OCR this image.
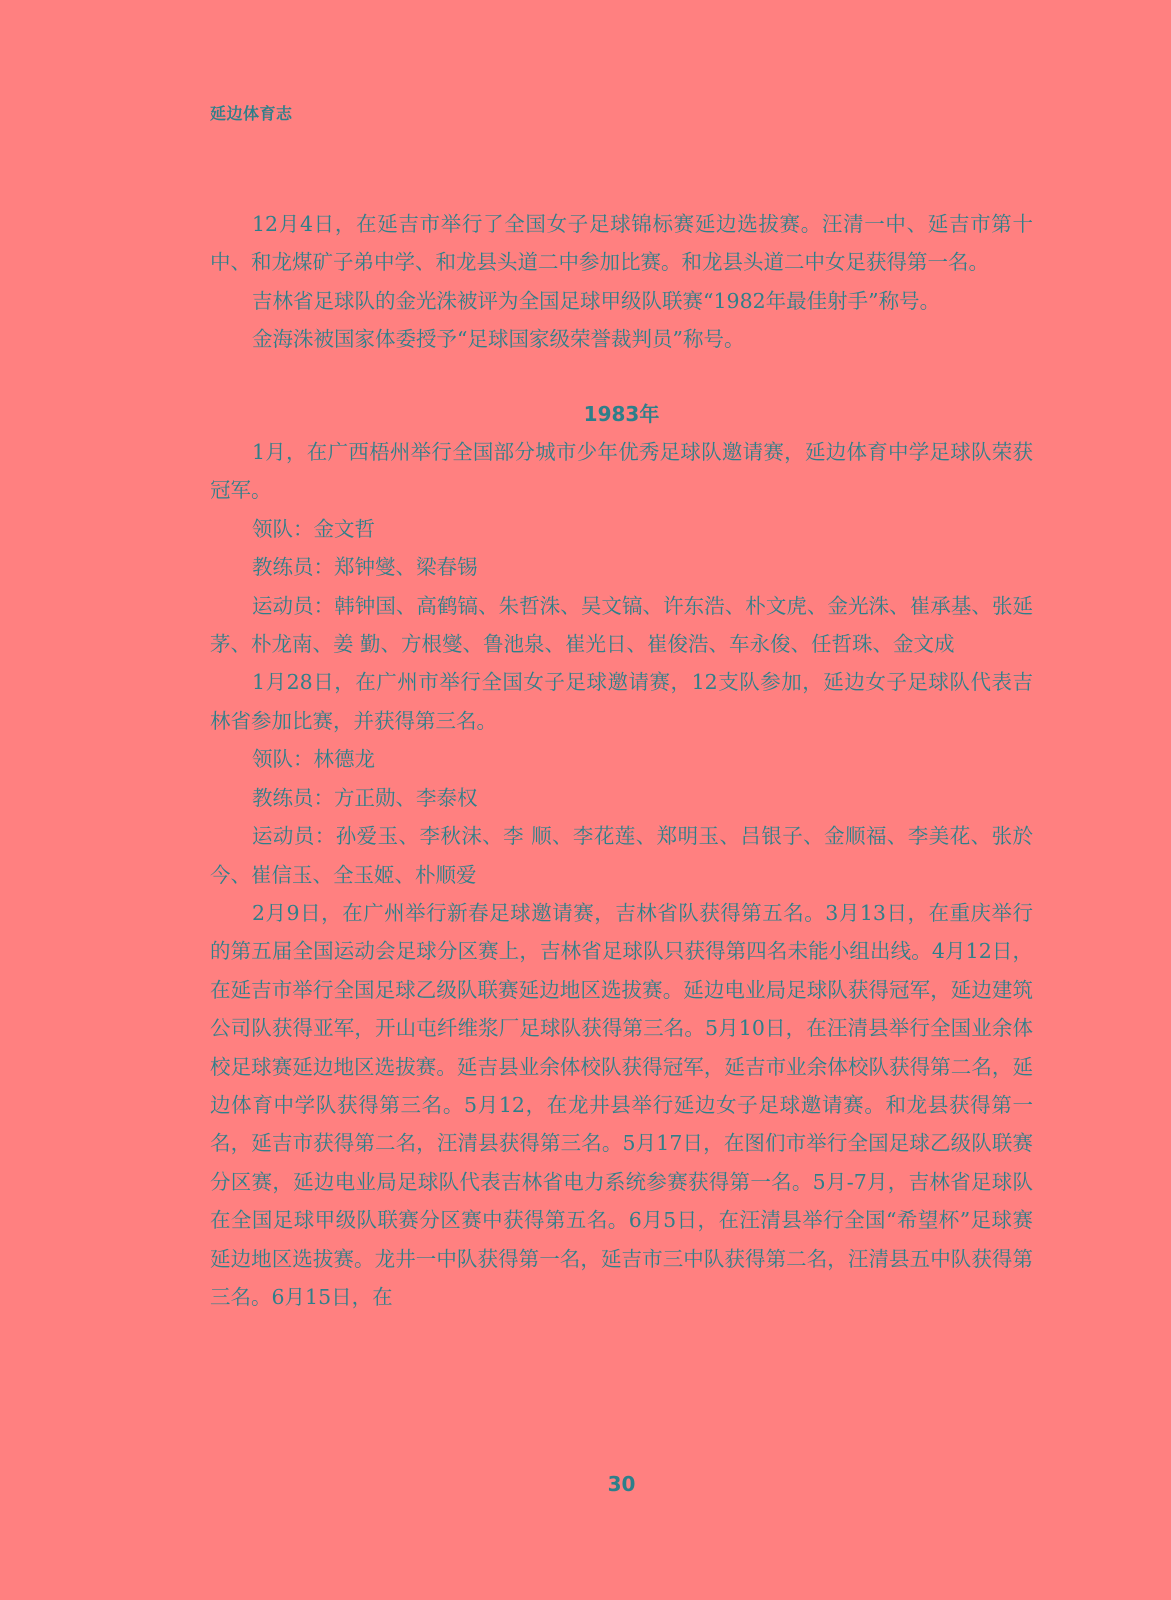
延边体育志

12月4日，在延吉市举行了全国女子足球锦标赛延边选拔赛。汪清一中、延吉市第十中、和龙煤矿子弟中学、和龙县头道二中参加比赛。和龙县头道二中女足获得第一名。

吉林省足球队的金光洙被评为全国足球甲级队联赛“1982年最佳射手”称号。

金海洙被国家体委授予“足球国家级荣誉裁判员”称号。

1983年

1月，在广西梧州举行全国部分城市少年优秀足球队邀请赛，延边体育中学足球队荣获冠军。

领队：金文哲

教练员：郑钟燮、梁春锡

运动员：韩钟国、高鹤镐、朱哲洙、吴文镐、许东浩、朴文虎、金光洙、崔承基、张延茅、朴龙南、姜 勤、方根燮、鲁池泉、崔光日、崔俊浩、车永俊、任哲珠、金文成

1月28日，在广州市举行全国女子足球邀请赛，12支队参加，延边女子足球队代表吉林省参加比赛，并获得第三名。

领队：林德龙

教练员：方正勋、李泰权

运动员：孙爱玉、李秋沫、李 顺、李花莲、郑明玉、吕银子、金顺福、李美花、张於今、崔信玉、全玉姬、朴顺爱

2月9日，在广州举行新春足球邀请赛，吉林省队获得第五名。3月13日，在重庆举行的第五届全国运动会足球分区赛上，吉林省足球队只获得第四名未能小组出线。4月12日，在延吉市举行全国足球乙级队联赛延边地区选拔赛。延边电业局足球队获得冠军，延边建筑公司队获得亚军，开山屯纤维浆厂足球队获得第三名。5月10日，在汪清县举行全国业余体校足球赛延边地区选拔赛。延吉县业余体校队获得冠军，延吉市业余体校队获得第二名，延边体育中学队获得第三名。5月12，在龙井县举行延边女子足球邀请赛。和龙县获得第一名，延吉市获得第二名，汪清县获得第三名。5月17日，在图们市举行全国足球乙级队联赛分区赛，延边电业局足球队代表吉林省电力系统参赛获得第一名。5月-7月，吉林省足球队在全国足球甲级队联赛分区赛中获得第五名。6月5日，在汪清县举行全国“希望杯”足球赛延边地区选拔赛。龙井一中队获得第一名，延吉市三中队获得第二名，汪清县五中队获得第三名。6月15日，在

30
